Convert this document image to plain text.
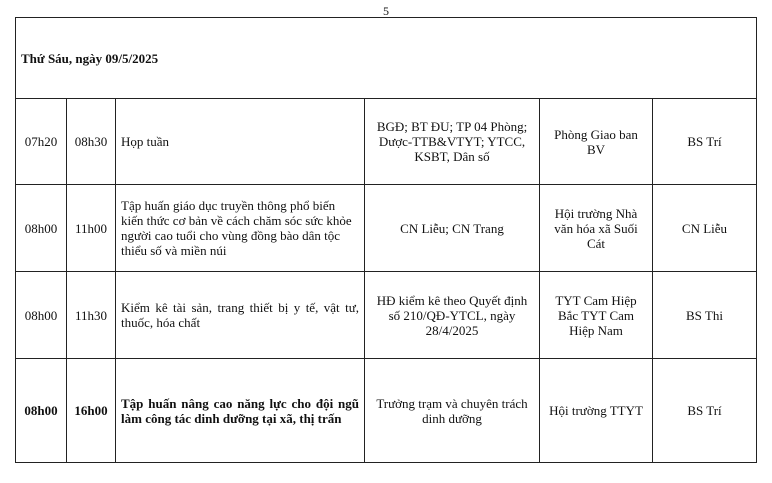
5
Thứ Sáu, ngày 09/5/2025					
07h20	08h30	Họp tuần	BGĐ; BT ĐU; TP 04 Phòng; Dược-TTB&VTYT; YTCC, KSBT, Dân số	Phòng Giao ban BV	BS Trí
08h00	11h00	Tập huấn giáo dục truyền thông phổ biến kiến thức cơ bản về cách chăm sóc sức khỏe người cao tuổi cho vùng đồng bào dân tộc thiểu số và miền núi	CN Liễu; CN Trang	Hội trường Nhà văn hóa xã Suối Cát	CN Liễu
08h00	11h30	Kiểm kê tài sản, trang thiết bị y tế, vật tư, thuốc, hóa chất	HĐ kiểm kê theo Quyết định số 210/QĐ-YTCL, ngày 28/4/2025	TYT Cam Hiệp Bắc TYT Cam Hiệp Nam	BS Thi
08h00	16h00	Tập huấn nâng cao năng lực cho đội ngũ làm công tác dinh dưỡng tại xã, thị trấn	Trưởng trạm và chuyên trách dinh dưỡng	Hội trường TTYT	BS Trí
